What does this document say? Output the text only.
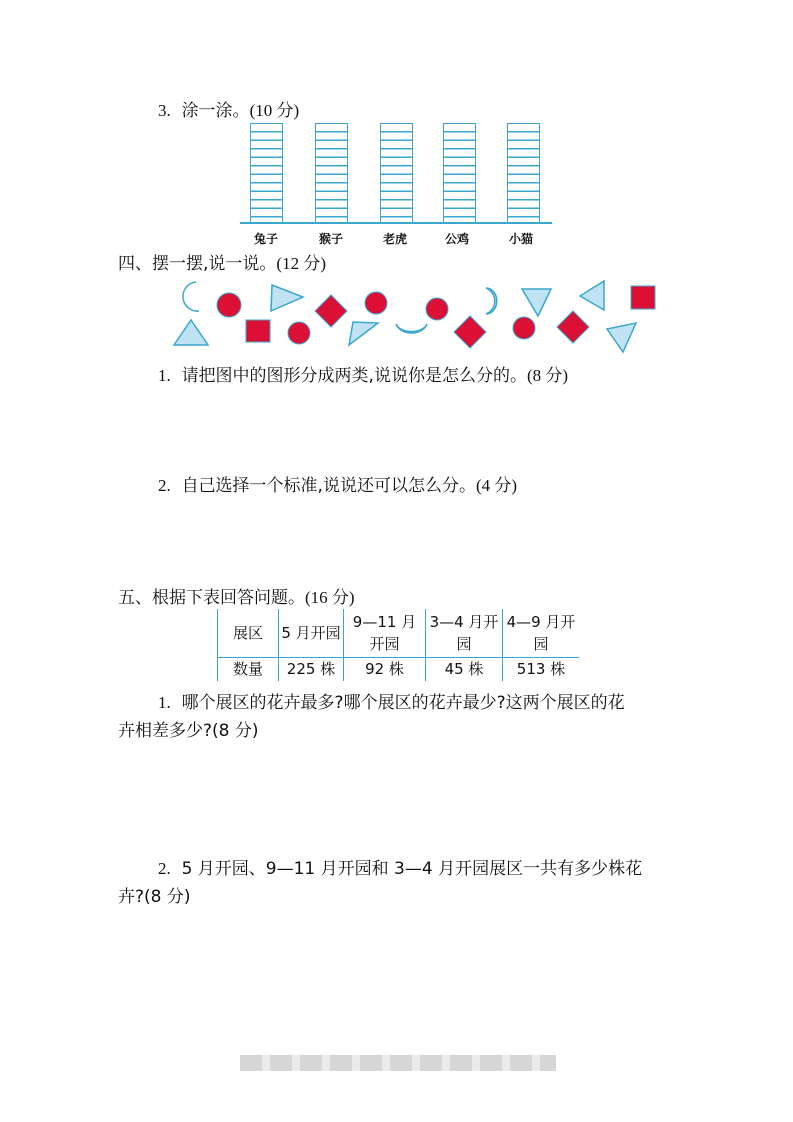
3. 涂一涂。(10 分)
兔子	猴子	老虎	公鸡	小猫
四、摆一摆,说一说。(12 分)
1. 请把图中的图形分成两类,说说你是怎么分的。(8 分)
2. 自己选择一个标准,说说还可以怎么分。(4 分)
五、根据下表回答问题。(16 分)
展区	5 月开园	9—11 月开园	3—4 月开园	4—9 月开园
数量	225 株	92 株	45 株	513 株
1. 哪个展区的花卉最多?哪个展区的花卉最少?这两个展区的花
卉相差多少?(8 分)
2. 5 月开园、9—11 月开园和 3—4 月开园展区一共有多少株花
卉?(8 分)
